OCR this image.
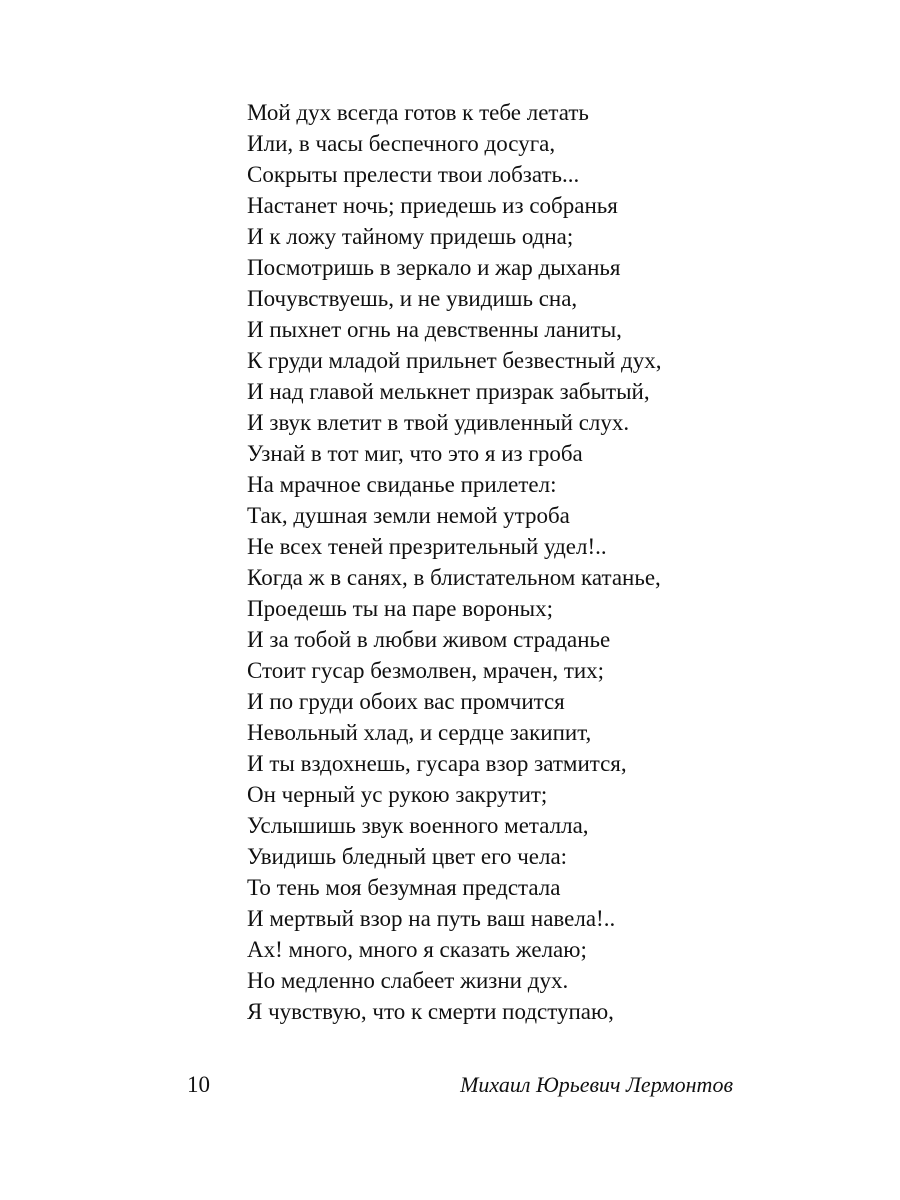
Мой дух всегда готов к тебе летать
Или, в часы беспечного досуга,
Сокрыты прелести твои лобзать...
Настанет ночь; приедешь из собранья
И к ложу тайному придешь одна;
Посмотришь в зеркало и жар дыханья
Почувствуешь, и не увидишь сна,
И пыхнет огнь на девственны ланиты,
К груди младой прильнет безвестный дух,
И над главой мелькнет призрак забытый,
И звук влетит в твой удивленный слух.
Узнай в тот миг, что это я из гроба
На мрачное свиданье прилетел:
Так, душная земли немой утроба
Не всех теней презрительный удел!..
Когда ж в санях, в блистательном катанье,
Проедешь ты на паре вороных;
И за тобой в любви живом страданье
Стоит гусар безмолвен, мрачен, тих;
И по груди обоих вас промчится
Невольный хлад, и сердце закипит,
И ты вздохнешь, гусара взор затмится,
Он черный ус рукою закрутит;
Услышишь звук военного металла,
Увидишь бледный цвет его чела:
То тень моя безумная предстала
И мертвый взор на путь ваш навела!..
Ах! много, много я сказать желаю;
Но медленно слабеет жизни дух.
Я чувствую, что к смерти подступаю,
10	Михаил Юрьевич Лермонтов
